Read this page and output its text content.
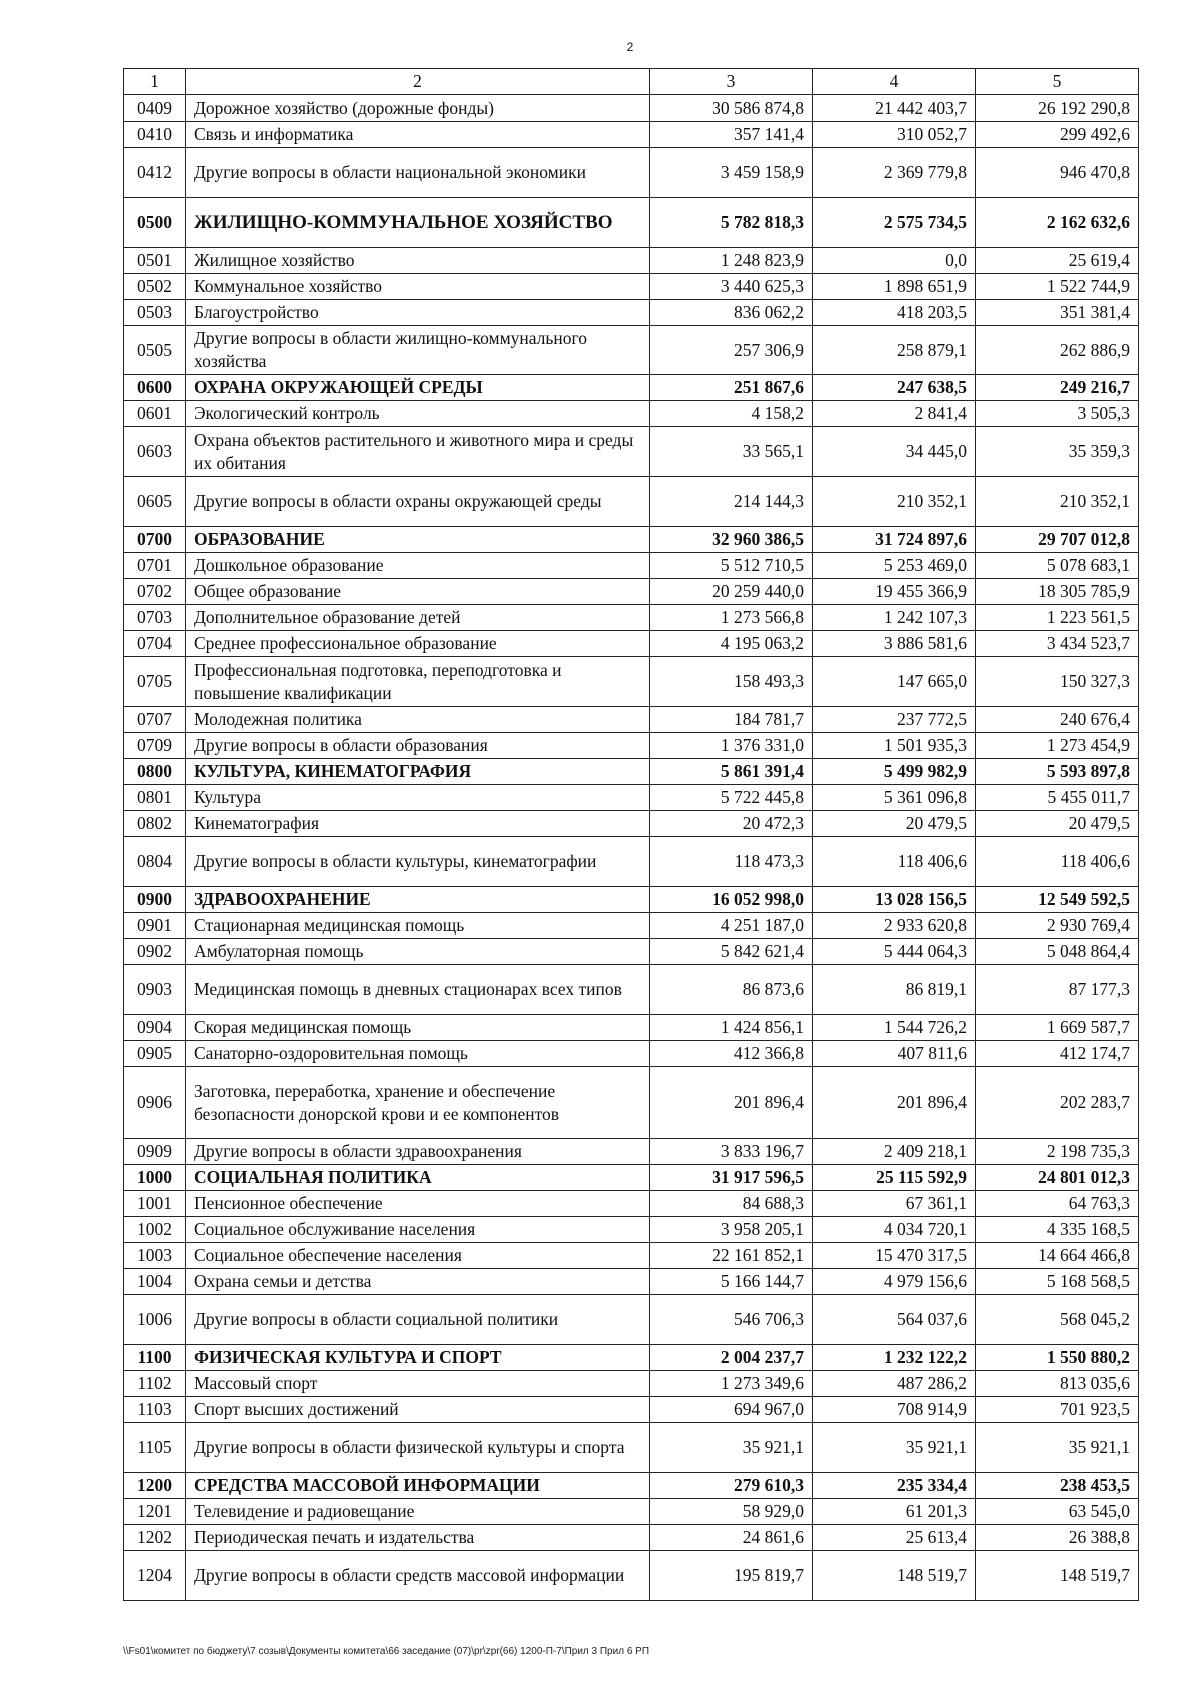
2
1	2	3	4	5
0409	Дорожное хозяйство (дорожные фонды)	30 586 874,8	21 442 403,7	26 192 290,8
0410	Связь и информатика	357 141,4	310 052,7	299 492,6
0412	Другие вопросы в области национальной экономики	3 459 158,9	2 369 779,8	946 470,8
0500	ЖИЛИЩНО-КОММУНАЛЬНОЕ ХОЗЯЙСТВО	5 782 818,3	2 575 734,5	2 162 632,6
0501	Жилищное хозяйство	1 248 823,9	0,0	25 619,4
0502	Коммунальное хозяйство	3 440 625,3	1 898 651,9	1 522 744,9
0503	Благоустройство	836 062,2	418 203,5	351 381,4
0505	Другие вопросы в области жилищно-коммунального хозяйства	257 306,9	258 879,1	262 886,9
0600	ОХРАНА ОКРУЖАЮЩЕЙ СРЕДЫ	251 867,6	247 638,5	249 216,7
0601	Экологический контроль	4 158,2	2 841,4	3 505,3
0603	Охрана объектов растительного и животного мира и среды их обитания	33 565,1	34 445,0	35 359,3
0605	Другие вопросы в области охраны окружающей среды	214 144,3	210 352,1	210 352,1
0700	ОБРАЗОВАНИЕ	32 960 386,5	31 724 897,6	29 707 012,8
0701	Дошкольное образование	5 512 710,5	5 253 469,0	5 078 683,1
0702	Общее образование	20 259 440,0	19 455 366,9	18 305 785,9
0703	Дополнительное образование детей	1 273 566,8	1 242 107,3	1 223 561,5
0704	Среднее профессиональное образование	4 195 063,2	3 886 581,6	3 434 523,7
0705	Профессиональная подготовка, переподготовка и повышение квалификации	158 493,3	147 665,0	150 327,3
0707	Молодежная политика	184 781,7	237 772,5	240 676,4
0709	Другие вопросы в области образования	1 376 331,0	1 501 935,3	1 273 454,9
0800	КУЛЬТУРА, КИНЕМАТОГРАФИЯ	5 861 391,4	5 499 982,9	5 593 897,8
0801	Культура	5 722 445,8	5 361 096,8	5 455 011,7
0802	Кинематография	20 472,3	20 479,5	20 479,5
0804	Другие вопросы в области культуры, кинематографии	118 473,3	118 406,6	118 406,6
0900	ЗДРАВООХРАНЕНИЕ	16 052 998,0	13 028 156,5	12 549 592,5
0901	Стационарная медицинская помощь	4 251 187,0	2 933 620,8	2 930 769,4
0902	Амбулаторная помощь	5 842 621,4	5 444 064,3	5 048 864,4
0903	Медицинская помощь в дневных стационарах всех типов	86 873,6	86 819,1	87 177,3
0904	Скорая медицинская помощь	1 424 856,1	1 544 726,2	1 669 587,7
0905	Санаторно-оздоровительная помощь	412 366,8	407 811,6	412 174,7
0906	Заготовка, переработка, хранение и обеспечение безопасности донорской крови и ее компонентов	201 896,4	201 896,4	202 283,7
0909	Другие вопросы в области здравоохранения	3 833 196,7	2 409 218,1	2 198 735,3
1000	СОЦИАЛЬНАЯ ПОЛИТИКА	31 917 596,5	25 115 592,9	24 801 012,3
1001	Пенсионное обеспечение	84 688,3	67 361,1	64 763,3
1002	Социальное обслуживание населения	3 958 205,1	4 034 720,1	4 335 168,5
1003	Социальное обеспечение населения	22 161 852,1	15 470 317,5	14 664 466,8
1004	Охрана семьи и детства	5 166 144,7	4 979 156,6	5 168 568,5
1006	Другие вопросы в области социальной политики	546 706,3	564 037,6	568 045,2
1100	ФИЗИЧЕСКАЯ КУЛЬТУРА И СПОРТ	2 004 237,7	1 232 122,2	1 550 880,2
1102	Массовый спорт	1 273 349,6	487 286,2	813 035,6
1103	Спорт высших достижений	694 967,0	708 914,9	701 923,5
1105	Другие вопросы в области физической культуры и спорта	35 921,1	35 921,1	35 921,1
1200	СРЕДСТВА МАССОВОЙ ИНФОРМАЦИИ	279 610,3	235 334,4	238 453,5
1201	Телевидение и радиовещание	58 929,0	61 201,3	63 545,0
1202	Периодическая печать и издательства	24 861,6	25 613,4	26 388,8
1204	Другие вопросы в области средств массовой информации	195 819,7	148 519,7	148 519,7
\\Fs01\комитет по бюджету\7 созыв\Документы комитета\66 заседание (07)\pr\zpr(66) 1200-П-7\Прил 3 Прил 6 РП
